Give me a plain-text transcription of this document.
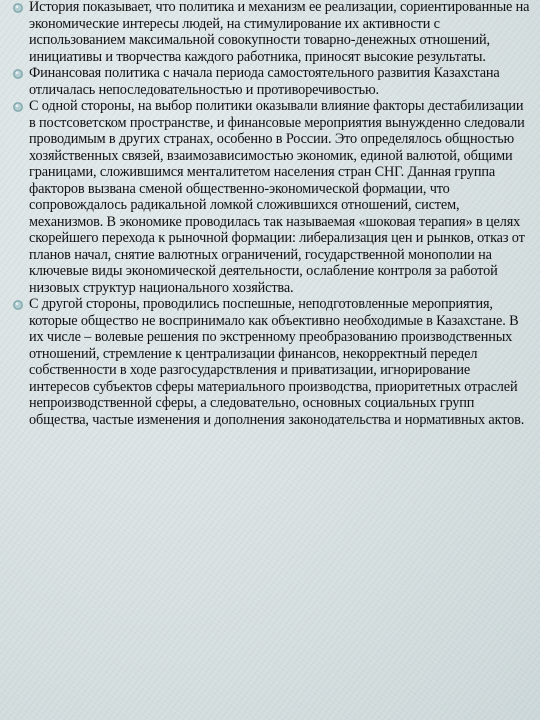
История показывает, что политика и механизм ее реализации, сориентированные на экономические интересы людей, на стимулирование их активности с использованием максимальной совокупности товарно-денежных отношений, инициативы и творчества каждого работника, приносят высокие результаты.
Финансовая политика с начала периода самостоятельного развития Казахстана отличалась непоследовательностью и противоречивостью.
С одной стороны, на выбор политики оказывали влияние факторы дестабилизации в постсоветском пространстве, и финансовые мероприятия вынужденно следовали проводимым в других странах, особенно в России. Это определялось общностью хозяйственных связей, взаимозависимостью экономик, единой валютой, общими границами, сложившимся менталитетом населения стран СНГ. Данная группа факторов вызвана сменой общественно-экономической формации, что сопровождалось радикальной ломкой сложившихся отношений, систем, механизмов. В экономике проводилась так называемая «шоковая терапия» в целях скорейшего перехода к рыночной формации: либерализация цен и рынков, отказ от планов начал, снятие валютных ограничений, государственной монополии на ключевые виды экономической деятельности, ослабление контроля за работой низовых структур национального хозяйства.
С другой стороны, проводились поспешные, неподготовленные мероприятия, которые общество не воспринимало как объективно необходимые в Казахстане. В их числе – волевые решения по экстренному преобразованию производственных отношений, стремление к централизации финансов, некорректный передел собственности в ходе разгосударствления и приватизации, игнорирование интересов субъектов сферы материального производства, приоритетных отраслей непроизводственной сферы, а следовательно, основных социальных групп общества, частые изменения и дополнения законодательства и нормативных актов.
